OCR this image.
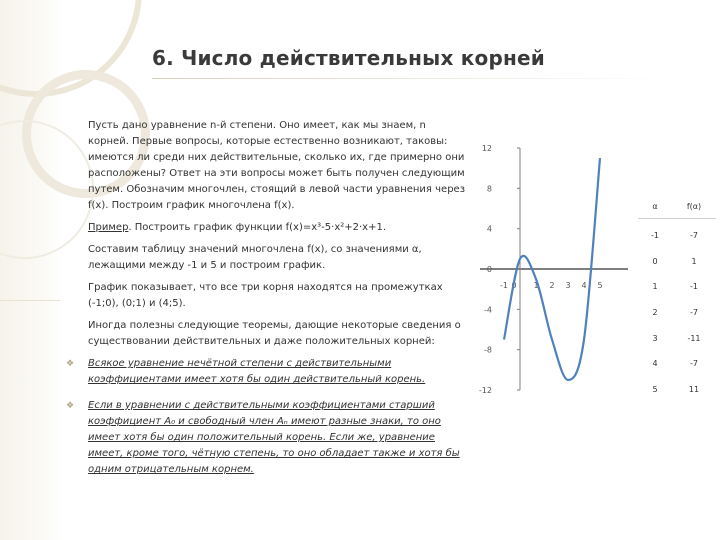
6. Число действительных корней

Пусть дано уравнение n-й степени. Оно имеет, как мы знаем, n корней. Первые вопросы, которые естественно возникают, таковы: имеются ли среди них действительные, сколько их, где примерно они расположены? Ответ на эти вопросы может быть получен следующим путем. Обозначим многочлен, стоящий в левой части уравнения через f(x). Построим график многочлена f(x).

Пример. Построить график функции f(x)=x³-5·x²+2·x+1.

Составим таблицу значений многочлена f(x), со значениями α, лежащими между -1 и 5 и построим график.

График показывает, что все три корня находятся на промежутках (-1;0), (0;1) и (4;5).

Иногда полезны следующие теоремы, дающие некоторые сведения о существовании действительных и даже положительных корней:

❖ Всякое уравнение нечётной степени с действительными коэффициентами имеет хотя бы один действительный корень.
❖ Если в уравнении с действительными коэффициентами старший коэффициент A₀ и свободный член Aₙ имеют разные знаки, то оно имеет хотя бы один положительный корень. Если же, уравнение имеет, кроме того, чётную степень, то оно обладает также и хотя бы одним отрицательным корнем.
12
8
4
0
-4
-8
-12
-1 0 1 2 3 4 5
α	f(α)
-1	-7
0	1
1	-1
2	-7
3	-11
4	-7
5	11
